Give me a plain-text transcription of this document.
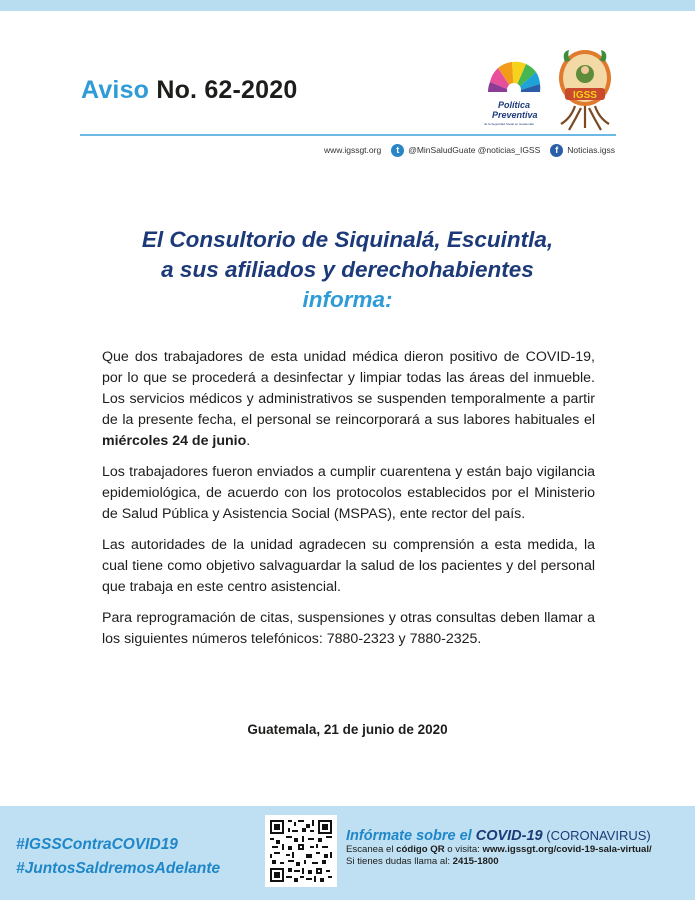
Aviso No. 62-2020
Política
Preventiva
de la Seguridad Social en Guatemala
IGSS
www.igssgt.org	t	@MinSaludGuate @noticias_IGSS	f	Noticias.igss
El Consultorio de Siquinalá, Escuintla,
a sus afiliados y derechohabientes
informa:

Que dos trabajadores de esta unidad médica dieron positivo de COVID-19, por lo que se procederá a desinfectar y limpiar todas las áreas del inmueble. Los servicios médicos y administrativos se suspenden temporalmente a partir de la presente fecha, el personal se reincorporará a sus labores habituales el miércoles 24 de junio.

Los trabajadores fueron enviados a cumplir cuarentena y están bajo vigilancia epidemiológica, de acuerdo con los protocolos establecidos por el Ministerio de Salud Pública y Asistencia Social (MSPAS), ente rector del país.

Las autoridades de la unidad agradecen su comprensión a esta medida, la cual tiene como objetivo salvaguardar la salud de los pacientes y del personal que trabaja en este centro asistencial.

Para reprogramación de citas, suspensiones y otras consultas deben llamar a los siguientes números telefónicos: 7880-2323 y 7880-2325.

Guatemala, 21 de junio de 2020
#IGSSContraCOVID19
#JuntosSaldremosAdelante
Infórmate sobre el COVID-19 (CORONAVIRUS)
Escanea el código QR o visita: www.igssgt.org/covid-19-sala-virtual/
Si tienes dudas llama al: 2415-1800
